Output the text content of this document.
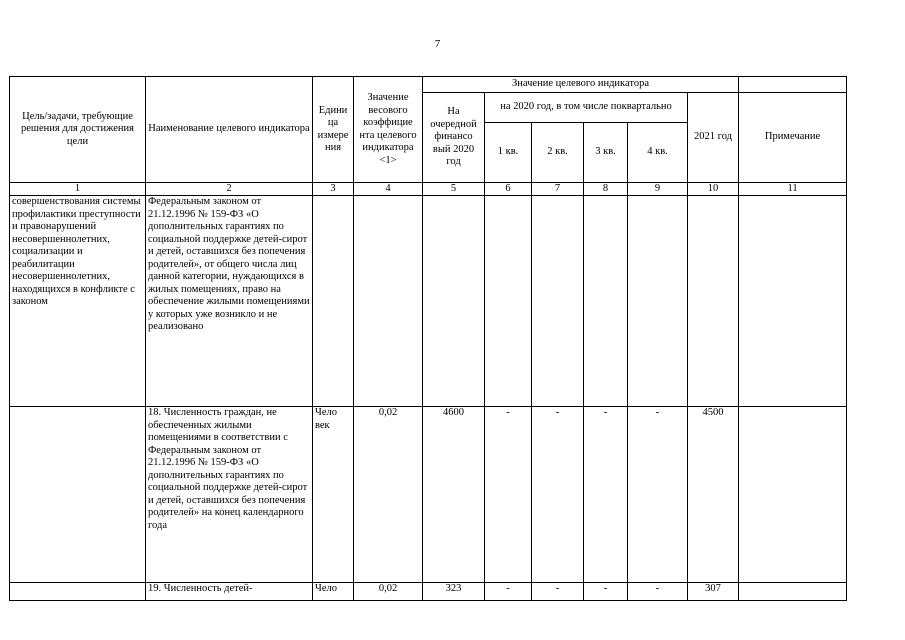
7
Цель/задачи, требующие решения для достижения цели	Наименование целевого индикатора	Едини ца измере ния	Значение весового коэффицие нта целевого индикатора <1>	Значение целевого индикатора						
				На очередной финансо вый 2020 год	на 2020 год, в том числе поквартально				2021 год	Примечание
					1 кв.	2 кв.	3 кв.	4 кв.		
1	2	3	4	5	6	7	8	9	10	11
совершенствования системы профилактики преступности и правонарушений несовершеннолетних, социализации и реабилитации несовершеннолетних, находящихся в конфликте с законом	Федеральным законом от 21.12.1996 № 159-ФЗ «О дополнительных гарантиях по социальной поддержке детей-сирот и детей, оставшихся без попечения родителей», от общего числа лиц данной категории, нуждающихся в жилых помещениях, право на обеспечение жилыми помещениями у которых уже возникло и не реализовано									
	18. Численность граждан, не обеспеченных жилыми помещениями в соответствии с Федеральным законом от 21.12.1996 № 159-ФЗ «О дополнительных гарантиях по социальной поддержке детей-сирот и детей, оставшихся без попечения родителей» на конец календарного года	Чело век	0,02	4600	-	-	-	-	4500	
	19. Численность детей-	Чело	0,02	323	-	-	-	-	307	
